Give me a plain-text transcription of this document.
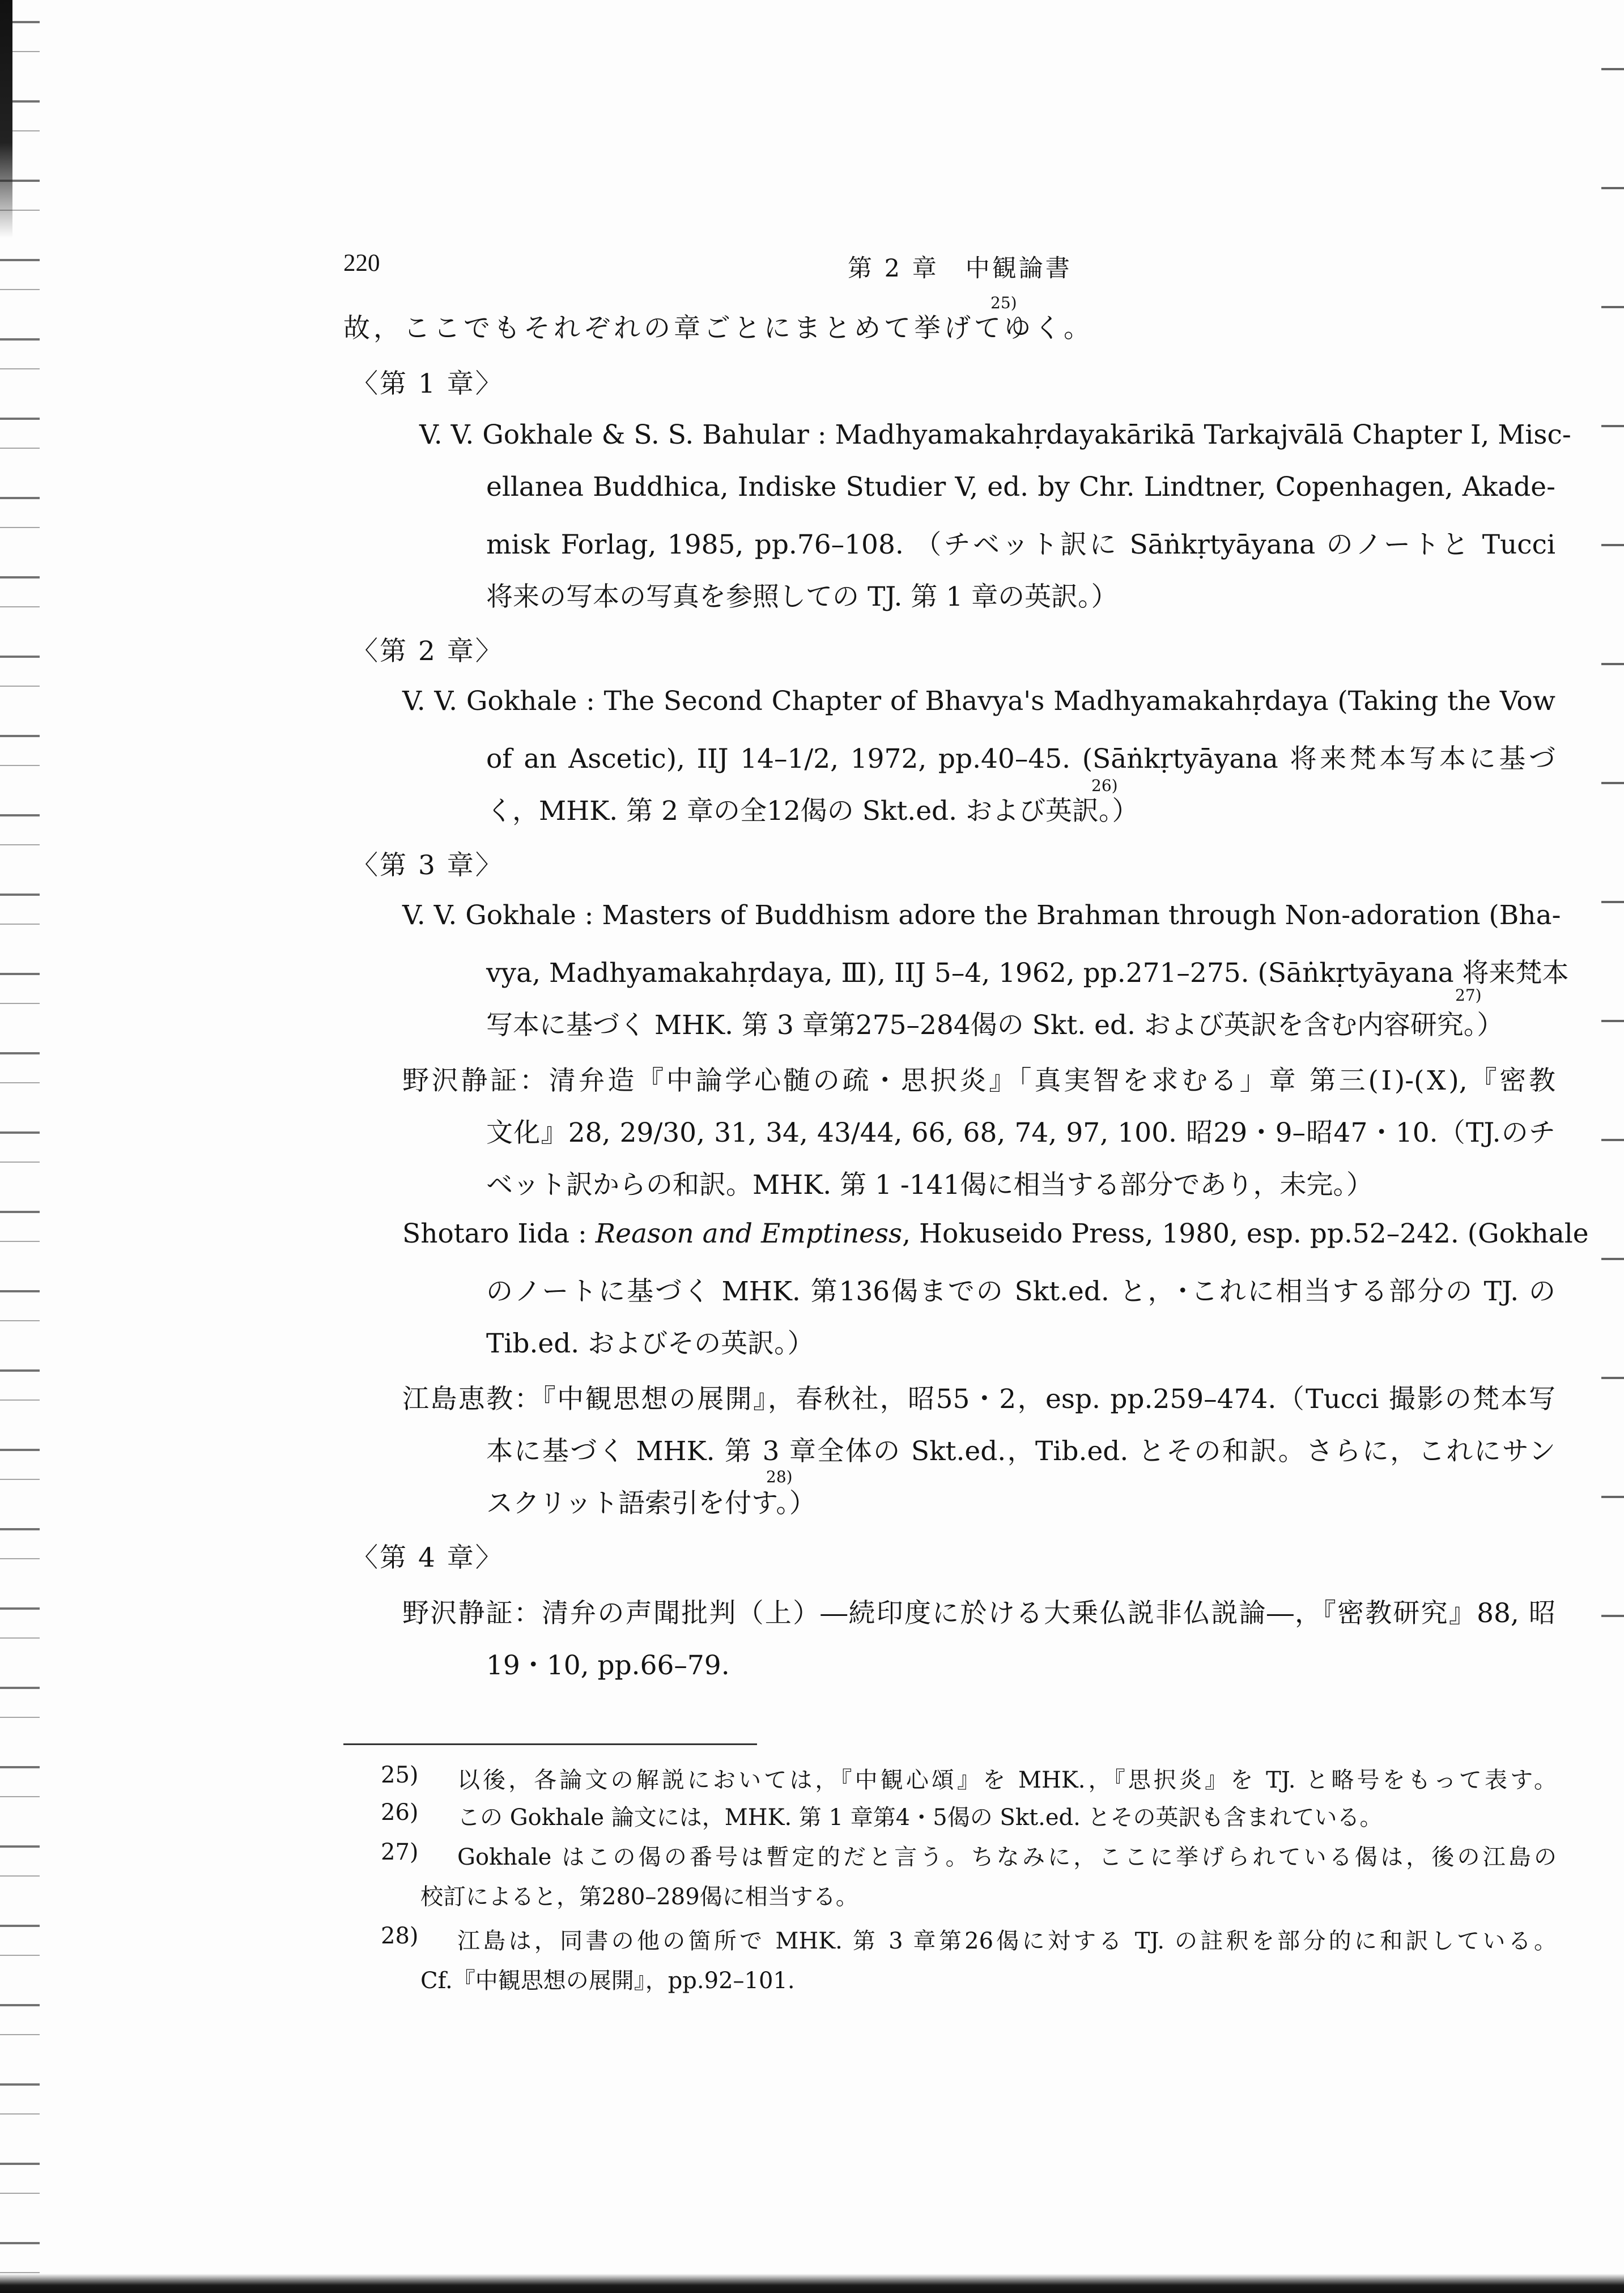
220	第 2 章　中観論書
故，ここでもそれぞれの章ごとにまとめて挙げてゆく。
25)
〈第 1 章〉
V. V. Gokhale & S. S. Bahular : Madhyamakahṛdayakārikā Tarkajvālā Chapter I, Misc-
ellanea Buddhica, Indiske Studier V, ed. by Chr. Lindtner, Copenhagen, Akade-
misk Forlag, 1985, pp.76–108. （チベット訳に Sāṅkṛtyāyana のノートと Tucci
将来の写本の写真を参照しての TJ. 第 1 章の英訳。）
〈第 2 章〉
V. V. Gokhale : The Second Chapter of Bhavya's Madhyamakahṛdaya (Taking the Vow
of an Ascetic), IIJ 14–1/2, 1972, pp.40–45. (Sāṅkṛtyāyana 将来梵本写本に基づ
26)
く，MHK. 第 2 章の全12偈の Skt.ed. および英訳。）
〈第 3 章〉
V. V. Gokhale : Masters of Buddhism adore the Brahman through Non-adoration (Bha-
vya, Madhyamakahṛdaya, Ⅲ), IIJ 5–4, 1962, pp.271–275. (Sāṅkṛtyāyana 将来梵本
27)
写本に基づく MHK. 第 3 章第275–284偈の Skt. ed. および英訳を含む内容研究。）
野沢静証：清弁造『中論学心髄の疏・思択炎』「真実智を求むる」章 第三(Ⅰ)-(Ⅹ),『密教
文化』28, 29/30, 31, 34, 43/44, 66, 68, 74, 97, 100. 昭29・9–昭47・10.（TJ.のチ
ベット訳からの和訳。MHK. 第 1 -141偈に相当する部分であり，未完。）
Shotaro Iida : Reason and Emptiness, Hokuseido Press, 1980, esp. pp.52–242. (Gokhale
のノートに基づく MHK. 第136偈までの Skt.ed. と，･これに相当する部分の TJ. の
Tib.ed. およびその英訳。）
江島恵教：『中観思想の展開』，春秋社，昭55・2，esp. pp.259–474.（Tucci 撮影の梵本写
本に基づく MHK. 第 3 章全体の Skt.ed.，Tib.ed. とその和訳。さらに，これにサン
28)
スクリット語索引を付す。）
〈第 4 章〉
野沢静証：清弁の声聞批判（上）―続印度に於ける大乗仏説非仏説論―，『密教研究』88, 昭
19・10, pp.66–79.
25) 以後，各論文の解説においては，『中観心頌』を MHK.，『思択炎』を TJ. と略号をもって表す。
26) この Gokhale 論文には，MHK. 第 1 章第4・5偈の Skt.ed. とその英訳も含まれている。
27) Gokhale はこの偈の番号は暫定的だと言う。ちなみに，ここに挙げられている偈は，後の江島の
校訂によると，第280–289偈に相当する。
28) 江島は，同書の他の箇所で MHK. 第 3 章第26偈に対する TJ. の註釈を部分的に和訳している。
Cf.『中観思想の展開』，pp.92–101.
